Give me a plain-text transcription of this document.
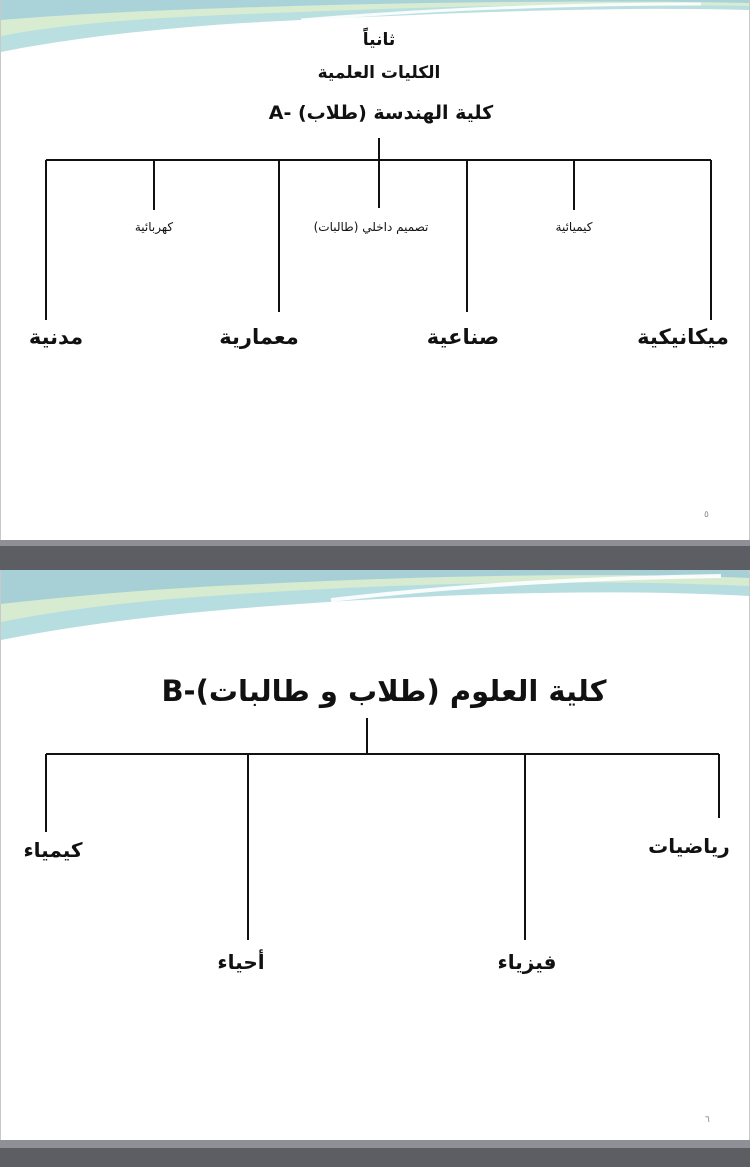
ثانياً
الكليات العلمية
A- كلية الهندسة (طلاب)
مدنية
كهربائية
معمارية
تصميم داخلي (طالبات)
صناعية
كيميائية
ميكانيكية
٥
B-كلية العلوم (طلاب و طالبات)
كيمياء
أحياء	فيزياء
رياضيات
٦
